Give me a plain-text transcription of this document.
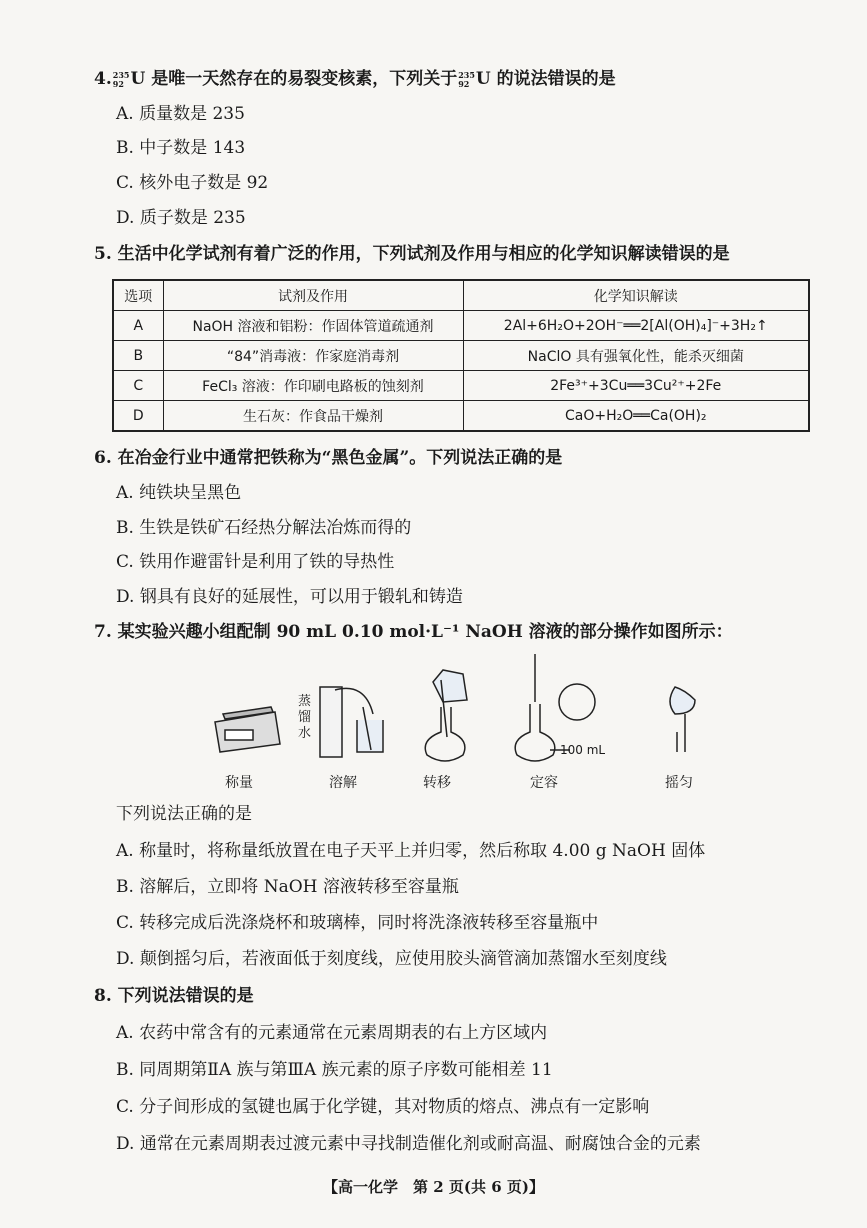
4. 235
92 U 是唯一天然存在的易裂变核素，下列关于 235
92 U 的说法错误的是
A. 质量数是 235
B. 中子数是 143
C. 核外电子数是 92
D. 质子数是 235
5. 生活中化学试剂有着广泛的作用，下列试剂及作用与相应的化学知识解读错误的是
选项	试剂及作用	化学知识解读
A	NaOH 溶液和铝粉：作固体管道疏通剂	2Al+6H₂O+2OH⁻══2[Al(OH)₄]⁻+3H₂↑
B	“84”消毒液：作家庭消毒剂	NaClO 具有强氧化性，能杀灭细菌
C	FeCl₃ 溶液：作印刷电路板的蚀刻剂	2Fe³⁺+3Cu══3Cu²⁺+2Fe
D	生石灰：作食品干燥剂	CaO+H₂O══Ca(OH)₂
6. 在冶金行业中通常把铁称为“黑色金属”。下列说法正确的是
A. 纯铁块呈黑色
B. 生铁是铁矿石经热分解法冶炼而得的
C. 铁用作避雷针是利用了铁的导热性
D. 钢具有良好的延展性，可以用于锻轧和铸造
7. 某实验兴趣小组配制 90 mL 0.10 mol·L⁻¹ NaOH 溶液的部分操作如图所示：
称量	溶解	转移	定容	摇匀
蒸馏水
100 mL
下列说法正确的是
A. 称量时，将称量纸放置在电子天平上并归零，然后称取 4.00 g NaOH 固体
B. 溶解后，立即将 NaOH 溶液转移至容量瓶
C. 转移完成后洗涤烧杯和玻璃棒，同时将洗涤液转移至容量瓶中
D. 颠倒摇匀后，若液面低于刻度线，应使用胶头滴管滴加蒸馏水至刻度线
8. 下列说法错误的是
A. 农药中常含有的元素通常在元素周期表的右上方区域内
B. 同周期第ⅡA 族与第ⅢA 族元素的原子序数可能相差 11
C. 分子间形成的氢键也属于化学键，其对物质的熔点、沸点有一定影响
D. 通常在元素周期表过渡元素中寻找制造催化剂或耐高温、耐腐蚀合金的元素
【高一化学　第 2 页(共 6 页)】
